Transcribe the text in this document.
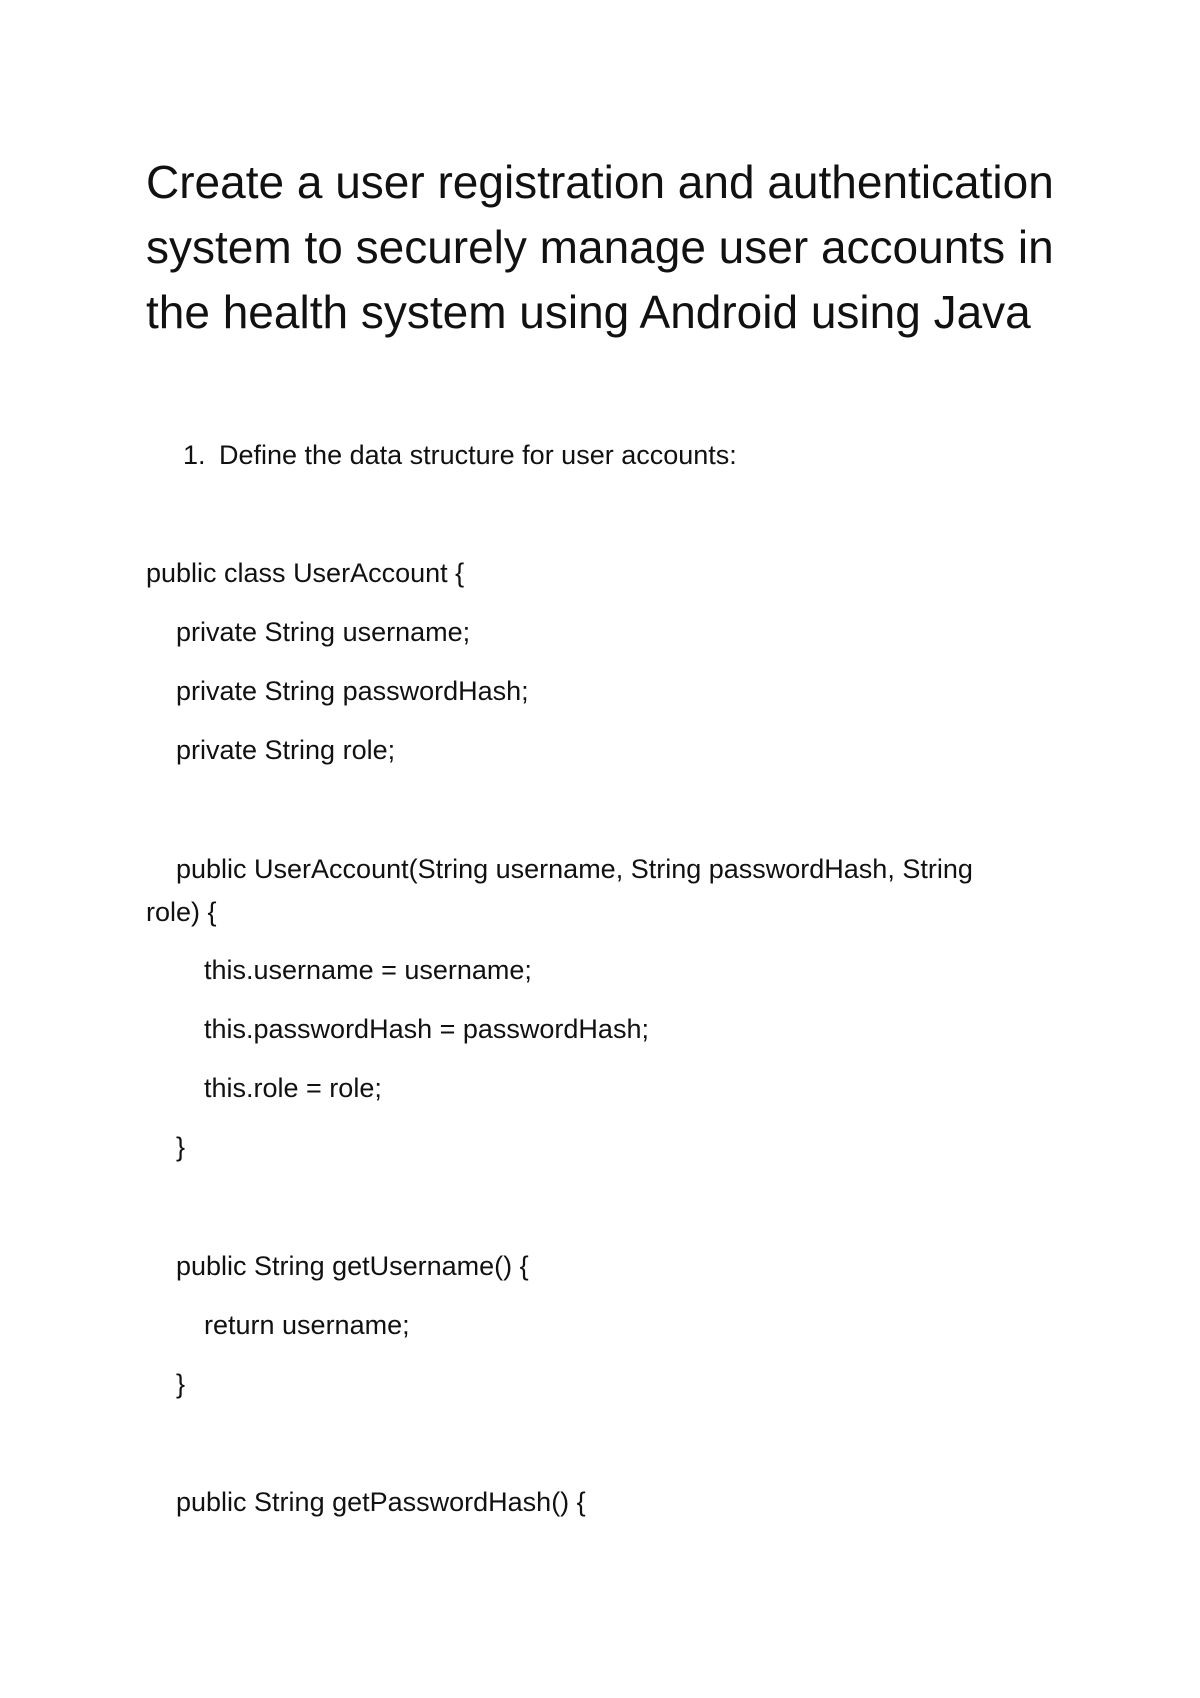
Create a user registration and authentication
system to securely manage user accounts in
the health system using Android using Java
1. Define the data structure for user accounts:
public class UserAccount {
private String username;
private String passwordHash;
private String role;
public UserAccount(String username, String passwordHash, String
role) {
this.username = username;
this.passwordHash = passwordHash;
this.role = role;
}
public String getUsername() {
return username;
}
public String getPasswordHash() {
